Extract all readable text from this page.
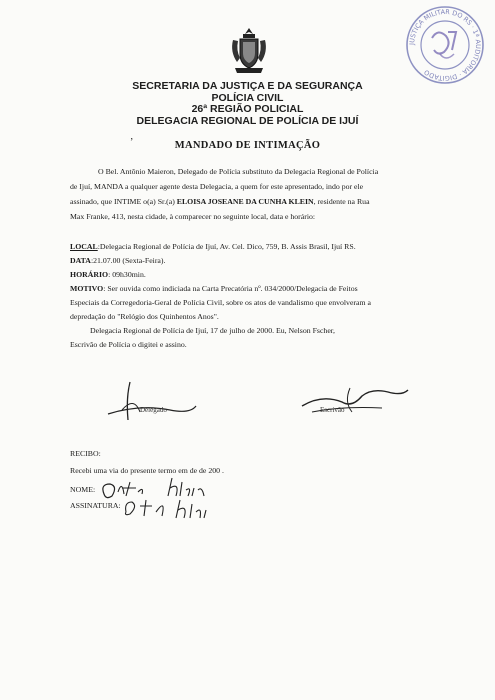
JUSTIÇA MILITAR DO RS · 1ª AUDITORIA · DIGITADO
SECRETARIA DA JUSTIÇA E DA SEGURANÇA
POLÍCIA CIVIL
26ª REGIÃO POLICIAL
DELEGACIA REGIONAL DE POLÍCIA DE IJUÍ
ʼ	MANDADO DE INTIMAÇÃO
O Bel. Antônio Maieron, Delegado de Polícia substituto da Delegacia Regional de Polícia
de Ijuí, MANDA a qualquer agente desta Delegacia, a quem for este apresentado, indo por ele
assinado, que INTIME o(a) Sr.(a) ELOISA JOSEANE DA CUNHA KLEIN, residente na Rua
Max Franke, 413, nesta cidade, à comparecer no seguinte local, data e horário:
LOCAL:Delegacia Regional de Polícia de Ijuí, Av. Cel. Dico, 759, B. Assis Brasil, Ijuí RS.
DATA:21.07.00 (Sexta-Feira).
HORÁRIO: 09h30min.
MOTIVO: Ser ouvida como indiciada na Carta Precatória nº. 034/2000/Delegacia de Feitos
Especiais da Corregedoria-Geral de Polícia Civil, sobre os atos de vandalismo que envolveram a
depredação do "Relógio dos Quinhentos Anos".
Delegacia Regional de Polícia de Ijuí, 17 de julho de 2000. Eu, Nelson Fscher,
Escrivão de Polícia o digitei e assino.
Delegado	Escrivão
RECIBO:
Recebi uma via do presente termo em de de 200 .
NOME:
ASSINATURA:
